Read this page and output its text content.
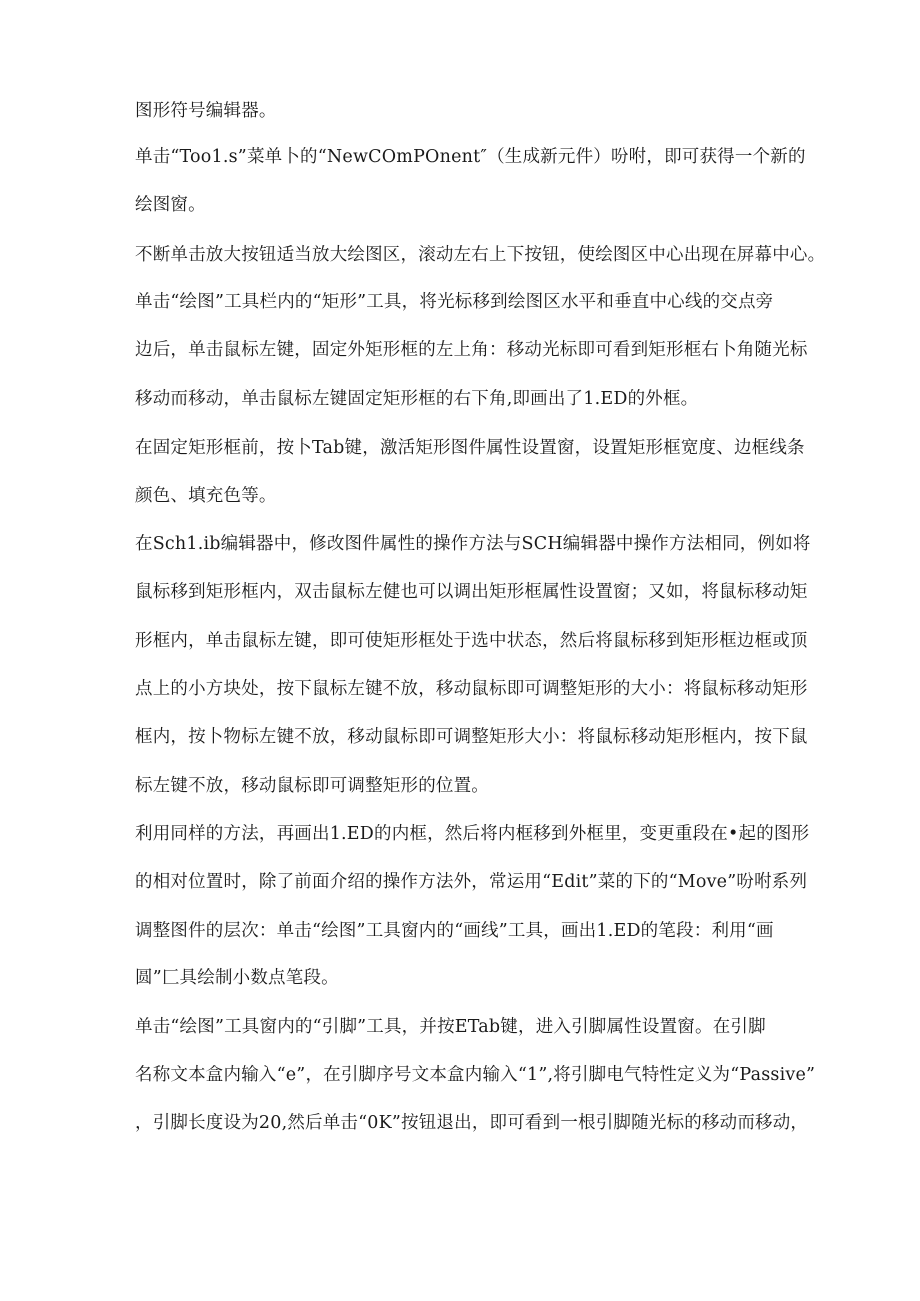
图形符号编辑器。
单击“Too1.s”菜单卜的“NewCOmPOnent″（生成新元件）吩咐，即可获得一个新的
绘图窗。
不断单击放大按钮适当放大绘图区，滚动左右上下按钮，使绘图区中心出现在屏幕中心。
单击“绘图”工具栏内的“矩形”工具，将光标移到绘图区水平和垂直中心线的交点旁
边后，单击鼠标左键，固定外矩形框的左上角：移动光标即可看到矩形框右卜角随光标
移动而移动，单击鼠标左键固定矩形框的右下角,即画出了1.ED的外框。
在固定矩形框前，按卜Tab键，激活矩形图件属性设置窗，设置矩形框宽度、边框线条
颜色、填充色等。
在Sch1.ib编辑器中，修改图件属性的操作方法与SCH编辑器中操作方法相同，例如将
鼠标移到矩形框内，双击鼠标左健也可以调出矩形框属性设置窗；又如，将鼠标移动矩
形框内，单击鼠标左键，即可使矩形框处于选中状态，然后将鼠标移到矩形框边框或顶
点上的小方块处，按下鼠标左键不放，移动鼠标即可调整矩形的大小：将鼠标移动矩形
框内，按卜物标左键不放，移动鼠标即可调整矩形大小：将鼠标移动矩形框内，按下鼠
标左键不放，移动鼠标即可调整矩形的位置。
利用同样的方法，再画出1.ED的内框，然后将内框移到外框里，变更重段在•起的图形
的相对位置时，除了前面介绍的操作方法外，常运用“Edit”菜的下的“Move”吩咐系列
调整图件的层次：单击“绘图”工具窗内的“画线”工具，画出1.ED的笔段：利用“画
圆”匚具绘制小数点笔段。
单击“绘图”工具窗内的“引脚”工具，并按ETab键，进入引脚属性设置窗。在引脚
名称文本盒内输入“e”，在引脚序号文本盒内输入“1”,将引脚电气特性定义为“Passive”
，引脚长度设为20,然后单击“0K”按钮退出，即可看到一根引脚随光标的移动而移动，
